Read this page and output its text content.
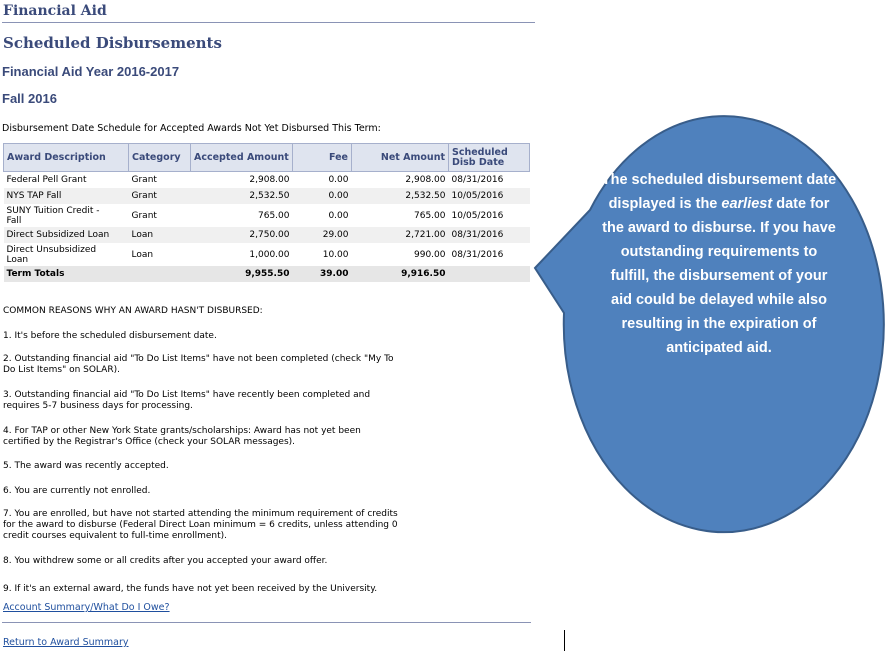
Financial Aid
Scheduled Disbursements
Financial Aid Year 2016-2017
Fall 2016
Disbursement Date Schedule for Accepted Awards Not Yet Disbursed This Term:
Award Description	Category	Accepted Amount	Fee	Net Amount	Scheduled
Disb Date
Federal Pell Grant	Grant	2,908.00	0.00	2,908.00	08/31/2016
NYS TAP Fall	Grant	2,532.50	0.00	2,532.50	10/05/2016
SUNY Tuition Credit -
Fall	Grant	765.00	0.00	765.00	10/05/2016
Direct Subsidized Loan	Loan	2,750.00	29.00	2,721.00	08/31/2016
Direct Unsubsidized
Loan	Loan	1,000.00	10.00	990.00	08/31/2016
Term Totals		9,955.50	39.00	9,916.50	

COMMON REASONS WHY AN AWARD HASN'T DISBURSED:

1. It's before the scheduled disbursement date.

2. Outstanding financial aid "To Do List Items" have not been completed (check "My To

Do List Items" on SOLAR).

3. Outstanding financial aid "To Do List Items" have recently been completed and

requires 5-7 business days for processing.

4. For TAP or other New York State grants/scholarships: Award has not yet been

certified by the Registrar's Office (check your SOLAR messages).

5. The award was recently accepted.

6. You are currently not enrolled.

7. You are enrolled, but have not started attending the minimum requirement of credits

for the award to disburse (Federal Direct Loan minimum = 6 credits, unless attending 0

credit courses equivalent to full-time enrollment).

8. You withdrew some or all credits after you accepted your award offer.

9. If it's an external award, the funds have not yet been received by the University.

Account Summary/What Do I Owe?
Return to Award Summary
The scheduled disbursement date displayed is the earliest date for the award to disburse. If you have outstanding requirements to fulfill, the disbursement of your aid could be delayed while also resulting in the expiration of anticipated aid.
